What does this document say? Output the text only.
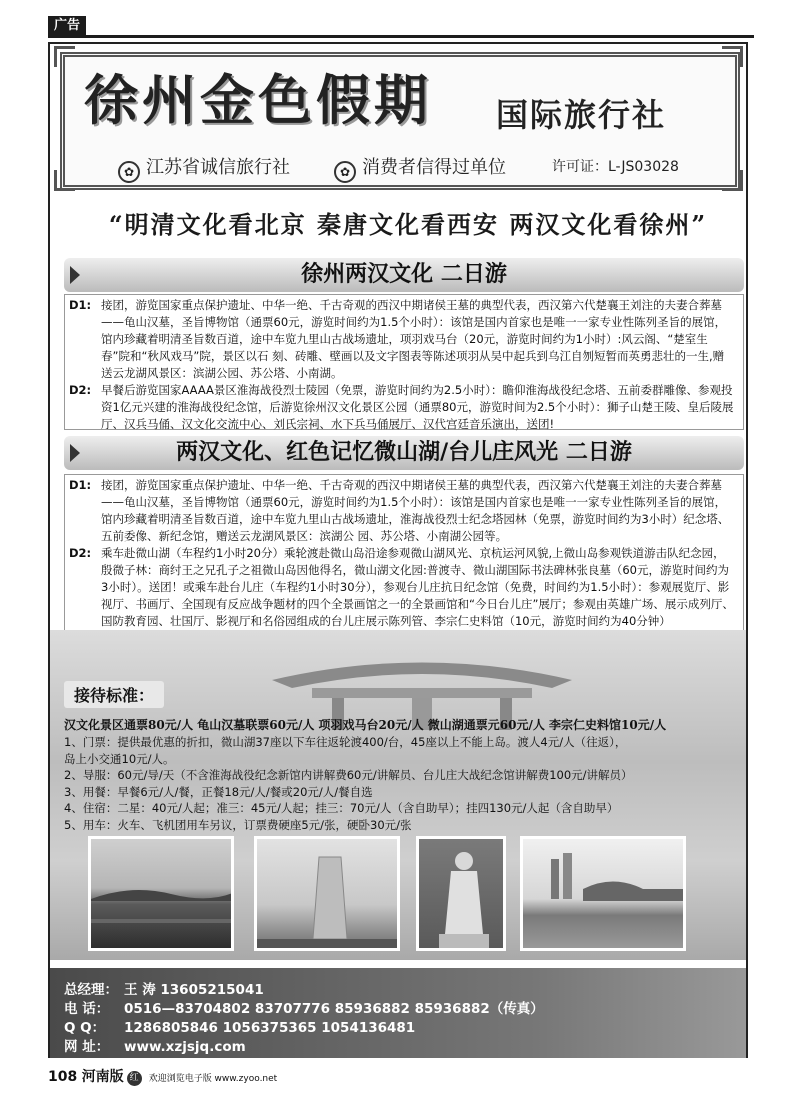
广告
徐州金色假期 国际旅行社
✿ 江苏省诚信旅行社	✿ 消费者信得过单位	许可证：L-JS03028
“明清文化看北京 秦唐文化看西安 两汉文化看徐州”
徐州两汉文化 二日游
D1: 接团，游览国家重点保护遗址、中华一绝、千古奇观的西汉中期诸侯王墓的典型代表，西汉第六代楚襄王刘注的夫妻合葬墓——龟山汉墓，圣旨博物馆（通票60元，游览时间约为1.5个小时）：该馆是国内首家也是唯一一家专业性陈列圣旨的展馆，馆内珍藏着明清圣旨数百道，途中车览九里山古战场遗址，项羽戏马台（20元，游览时间约为1小时）:风云阁、“楚室生春”院和“秋风戏马”院，景区以石 刻、砖雕、壁画以及文字图表等陈述项羽从吴中起兵到乌江自刎短暂而英勇悲壮的一生,赠送云龙湖风景区：滨湖公园、苏公塔、小南湖。
D2: 早餐后游览国家AAAA景区淮海战役烈士陵园（免票，游览时间约为2.5小时）：瞻仰淮海战役纪念塔、五前委群雕像、参观投资1亿元兴建的淮海战役纪念馆，后游览徐州汉文化景区公园（通票80元，游览时间为2.5个小时）：狮子山楚王陵、皇后陵展厅、汉兵马俑、汉文化交流中心、刘氏宗祠、水下兵马俑展厅、汉代宫廷音乐演出，送团!
两汉文化、红色记忆微山湖/台儿庄风光 二日游
D1: 接团，游览国家重点保护遗址、中华一绝、千古奇观的西汉中期诸侯王墓的典型代表，西汉第六代楚襄王刘注的夫妻合葬墓——龟山汉墓，圣旨博物馆（通票60元，游览时间约为1.5个小时）：该馆是国内首家也是唯一一家专业性陈列圣旨的展馆，馆内珍藏着明清圣旨数百道，途中车览九里山古战场遗址，淮海战役烈士纪念塔园林（免票，游览时间约为3小时）纪念塔、五前委像、新纪念馆，赠送云龙湖风景区：滨湖公 园、苏公塔、小南湖公园等。
D2: 乘车赴微山湖（车程约1小时20分）乘轮渡赴微山岛沿途参观微山湖风光、京杭运河风貌,上微山岛参观铁道游击队纪念园，殷微子林：商纣王之兄孔子之祖微山岛因他得名，微山湖文化园:普渡寺、微山湖国际书法碑林张良墓（60元，游览时间约为3小时）。送团！或乘车赴台儿庄（车程约1小时30分），参观台儿庄抗日纪念馆（免费，时间约为1.5小时）：参观展览厅、影视厅、书画厅、全国现有反应战争题材的四个全景画馆之一的全景画馆和“今日台儿庄”展厅；参观由英雄广场、展示成列厅、国防教育园、壮国厅、影视厅和名俗园组成的台儿庄展示陈列管、李宗仁史料馆（10元，游览时间约为40分钟）
接待标准：
汉文化景区通票80元/人 龟山汉墓联票60元/人 项羽戏马台20元/人 微山湖通票元60元/人 李宗仁史料馆10元/人
1、门票：提供最优惠的折扣，微山湖37座以下车往返轮渡400/台，45座以上不能上岛。渡人4元/人（往返），
岛上小交通10元/人。
2、导服：60元/导/天（不含淮海战役纪念新馆内讲解费60元/讲解员、台儿庄大战纪念馆讲解费100元/讲解员）
3、用餐：早餐6元/人/餐，正餐18元/人/餐或20元/人/餐自选
4、住宿：二星：40元/人起；准三：45元/人起；挂三：70元/人（含自助早）；挂四130元/人起（含自助早）
5、用车：火车、飞机团用车另议，订票费硬座5元/张，硬卧30元/张
总经理： 王 涛 13605215041
电 话： 0516—83704802 83707776 85936882 85936882（传真）
Q Q： 1286805846 1056375365 1054136481
网 址： www.xzjsjq.com
108 河南版 红 欢迎浏览电子版 www.zyoo.net
